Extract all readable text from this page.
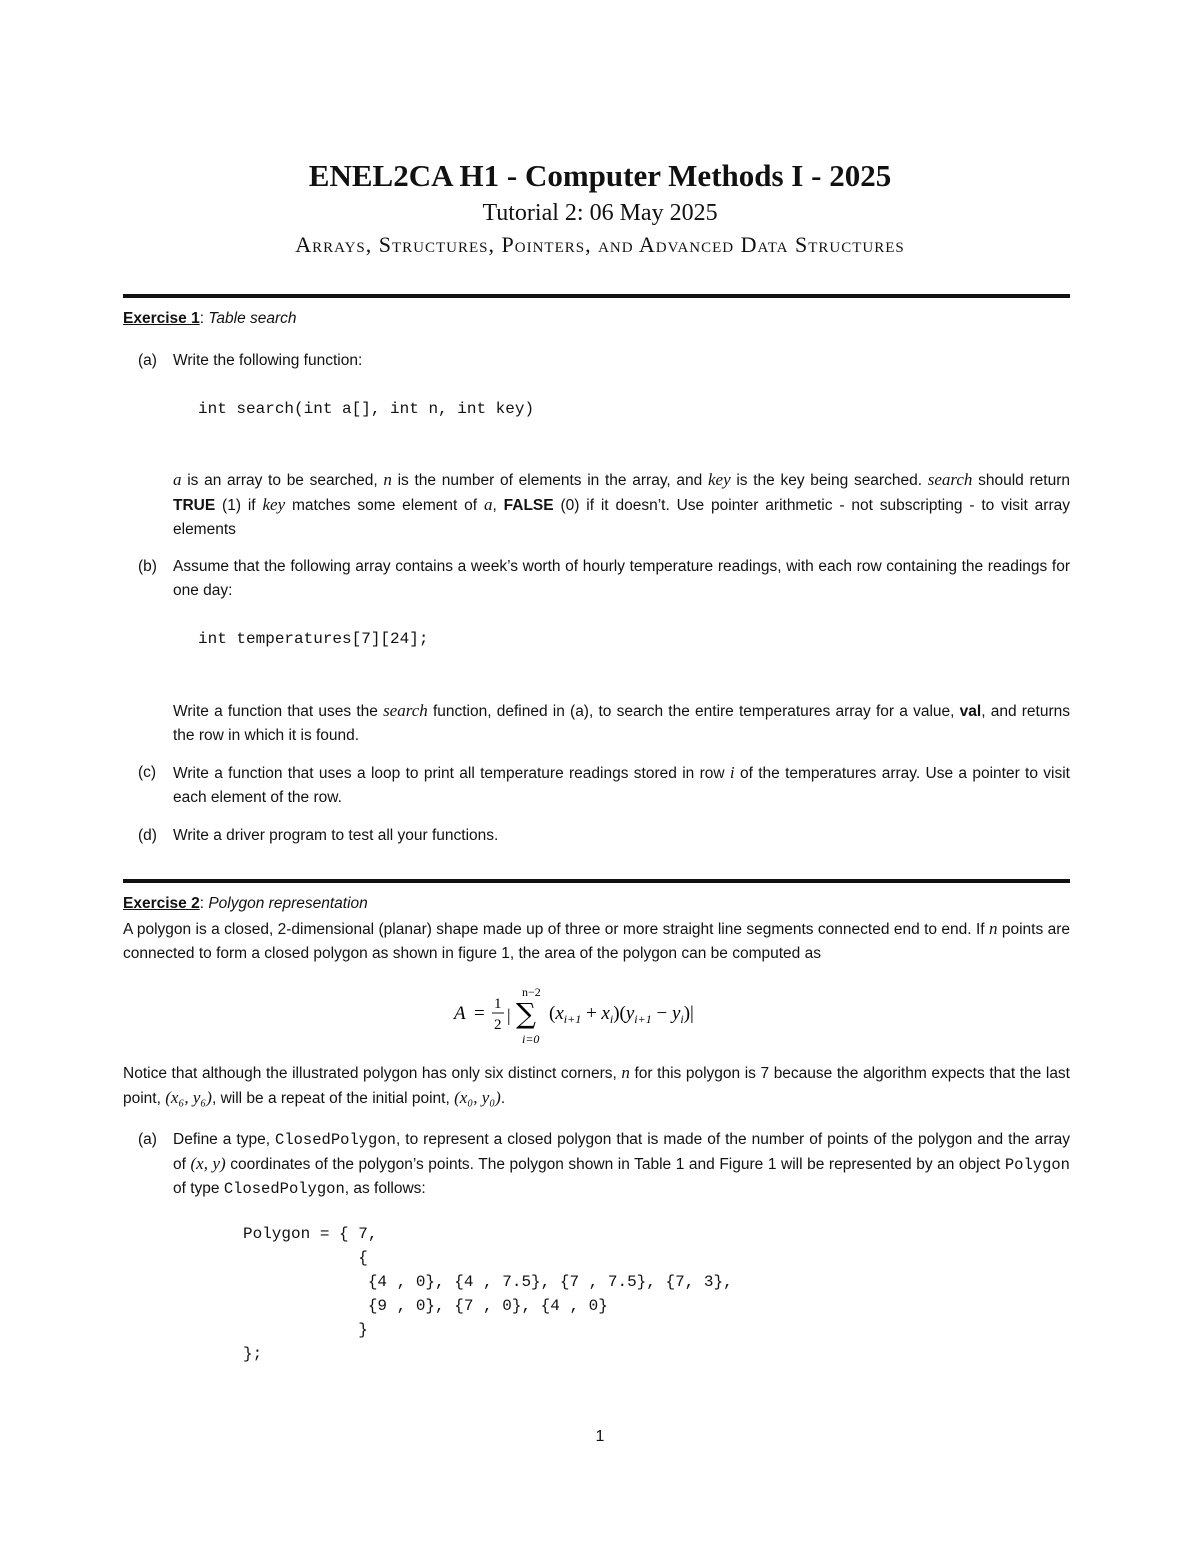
ENEL2CA H1 - Computer Methods I - 2025
Tutorial 2: 06 May 2025
Arrays, Structures, Pointers, and Advanced Data Structures
Exercise 1: Table search
(a) Write the following function:
int search(int a[], int n, int key)
a is an array to be searched, n is the number of elements in the array, and key is the key being searched. search should return TRUE (1) if key matches some element of a, FALSE (0) if it doesn’t. Use pointer arithmetic - not subscripting - to visit array elements
(b) Assume that the following array contains a week’s worth of hourly temperature readings, with each row containing the readings for one day:
int temperatures[7][24];
Write a function that uses the search function, defined in (a), to search the entire temperatures array for a value, val, and returns the row in which it is found.
(c) Write a function that uses a loop to print all temperature readings stored in row i of the temperatures array. Use a pointer to visit each element of the row.
(d) Write a driver program to test all your functions.
Exercise 2: Polygon representation
A polygon is a closed, 2-dimensional (planar) shape made up of three or more straight line segments connected end to end. If n points are connected to form a closed polygon as shown in figure 1, the area of the polygon can be computed as
A = 1
2 |
n−2
∑
i=0
$(x_{i+1} + x_i)(y_{i+1} - y_i)|$
Notice that although the illustrated polygon has only six distinct corners, n for this polygon is 7 because the algorithm expects that the last point, (x₆, y₆), will be a repeat of the initial point, (x₀, y₀).
(a) Define a type, ClosedPolygon, to represent a closed polygon that is made of the number of points of the polygon and the array of (x, y) coordinates of the polygon’s points. The polygon shown in Table 1 and Figure 1 will be represented by an object Polygon of type ClosedPolygon, as follows:
Polygon = { 7,
{
{4 , 0}, {4 , 7.5}, {7 , 7.5}, {7, 3},
{9 , 0}, {7 , 0}, {4 , 0}
}
};
1
